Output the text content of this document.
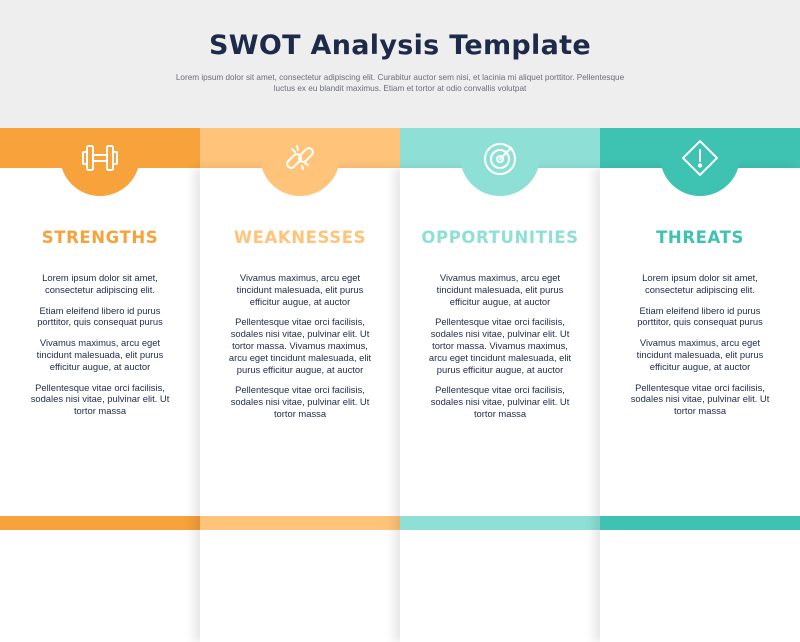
SWOT Analysis Template
Lorem ipsum dolor sit amet, consectetur adipiscing elit. Curabitur auctor sem nisi, et lacinia mi aliquet porttitor. Pellentesque luctus ex eu blandit maximus. Etiam et tortor at odio convallis volutpat
STRENGTHS

Lorem ipsum dolor sit amet, consectetur adipiscing elit.

Etiam eleifend libero id purus porttitor, quis consequat purus

Vivamus maximus, arcu eget tincidunt malesuada, elit purus efficitur augue, at auctor

Pellentesque vitae orci facilisis, sodales nisi vitae, pulvinar elit. Ut tortor massa

WEAKNESSES

Vivamus maximus, arcu eget tincidunt malesuada, elit purus efficitur augue, at auctor

Pellentesque vitae orci facilisis, sodales nisi vitae, pulvinar elit. Ut tortor massa. Vivamus maximus, arcu eget tincidunt malesuada, elit purus efficitur augue, at auctor

Pellentesque vitae orci facilisis, sodales nisi vitae, pulvinar elit. Ut tortor massa

OPPORTUNITIES

Vivamus maximus, arcu eget tincidunt malesuada, elit purus efficitur augue, at auctor

Pellentesque vitae orci facilisis, sodales nisi vitae, pulvinar elit. Ut tortor massa. Vivamus maximus, arcu eget tincidunt malesuada, elit purus efficitur augue, at auctor

Pellentesque vitae orci facilisis, sodales nisi vitae, pulvinar elit. Ut tortor massa

THREATS

Lorem ipsum dolor sit amet, consectetur adipiscing elit.

Etiam eleifend libero id purus porttitor, quis consequat purus

Vivamus maximus, arcu eget tincidunt malesuada, elit purus efficitur augue, at auctor

Pellentesque vitae orci facilisis, sodales nisi vitae, pulvinar elit. Ut tortor massa
